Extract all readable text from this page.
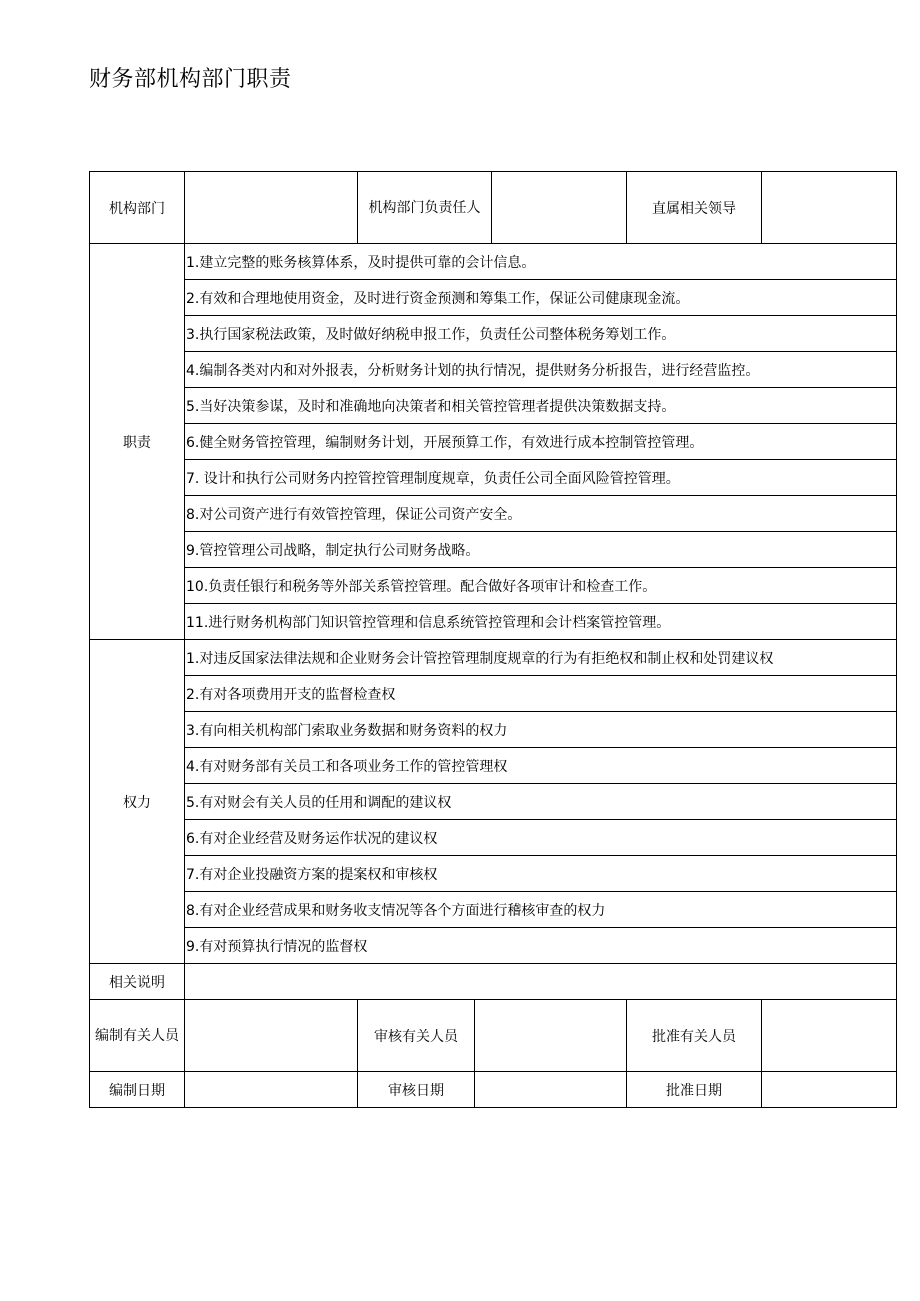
财务部机构部门职责
机构部门		机构部门负责任人			直属相关领导	
职责	1.建立完整的账务核算体系，及时提供可靠的会计信息。					
	2.有效和合理地使用资金，及时进行资金预测和筹集工作，保证公司健康现金流。					
	3.执行国家税法政策，及时做好纳税申报工作，负责任公司整体税务筹划工作。					
	4.编制各类对内和对外报表，分析财务计划的执行情况，提供财务分析报告，进行经营监控。					
	5.当好决策参谋，及时和准确地向决策者和相关管控管理者提供决策数据支持。					
	6.健全财务管控管理，编制财务计划，开展预算工作，有效进行成本控制管控管理。					
	7. 设计和执行公司财务内控管控管理制度规章，负责任公司全面风险管控管理。					
	8.对公司资产进行有效管控管理，保证公司资产安全。					
	9.管控管理公司战略，制定执行公司财务战略。					
	10.负责任银行和税务等外部关系管控管理。配合做好各项审计和检查工作。					
	11.进行财务机构部门知识管控管理和信息系统管控管理和会计档案管控管理。					
权力	1.对违反国家法律法规和企业财务会计管控管理制度规章的行为有拒绝权和制止权和处罚建议权					
	2.有对各项费用开支的监督检查权					
	3.有向相关机构部门索取业务数据和财务资料的权力					
	4.有对财务部有关员工和各项业务工作的管控管理权					
	5.有对财会有关人员的任用和调配的建议权					
	6.有对企业经营及财务运作状况的建议权					
	7.有对企业投融资方案的提案权和审核权					
	8.有对企业经营成果和财务收支情况等各个方面进行稽核审查的权力					
	9.有对预算执行情况的监督权					
相关说明						
编制有关人员		审核有关人员			批准有关人员	
编制日期		审核日期			批准日期	
